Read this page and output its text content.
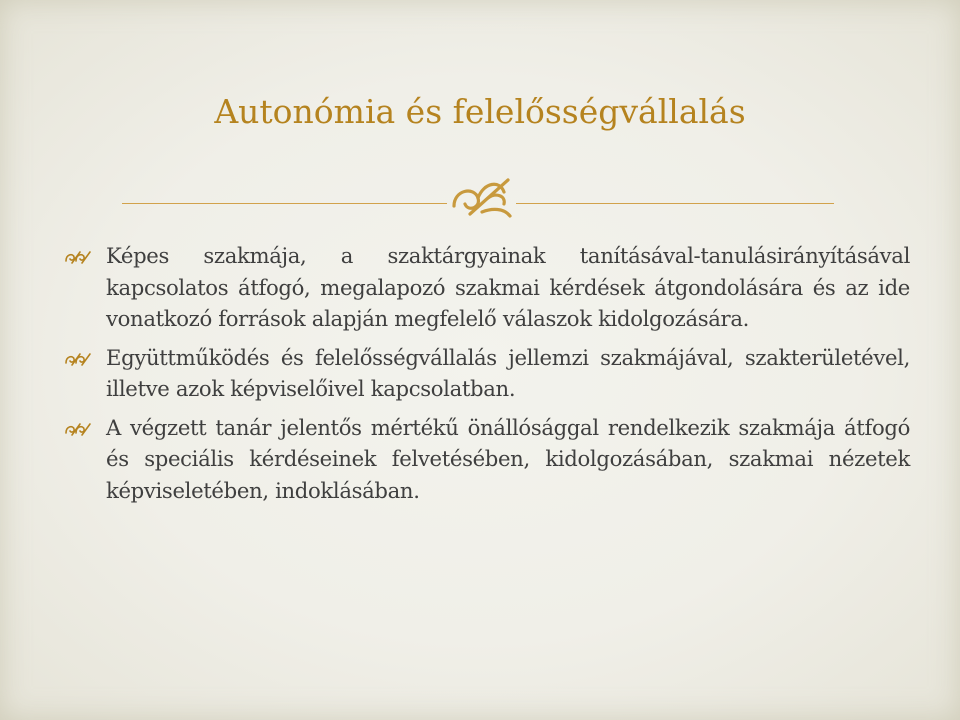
Autonómia és felelősségvállalás
Képes szakmája, a szaktárgyainak tanításával-tanulásirányításával kapcsolatos átfogó, megalapozó szakmai kérdések átgondolására és az ide vonatkozó források alapján megfelelő válaszok kidolgozására.
Együttműködés és felelősségvállalás jellemzi szakmájával, szakterületével, illetve azok képviselőivel kapcsolatban.
A végzett tanár jelentős mértékű önállósággal rendelkezik szakmája átfogó és speciális kérdéseinek felvetésében, kidolgozásában, szakmai nézetek képviseletében, indoklásában.
